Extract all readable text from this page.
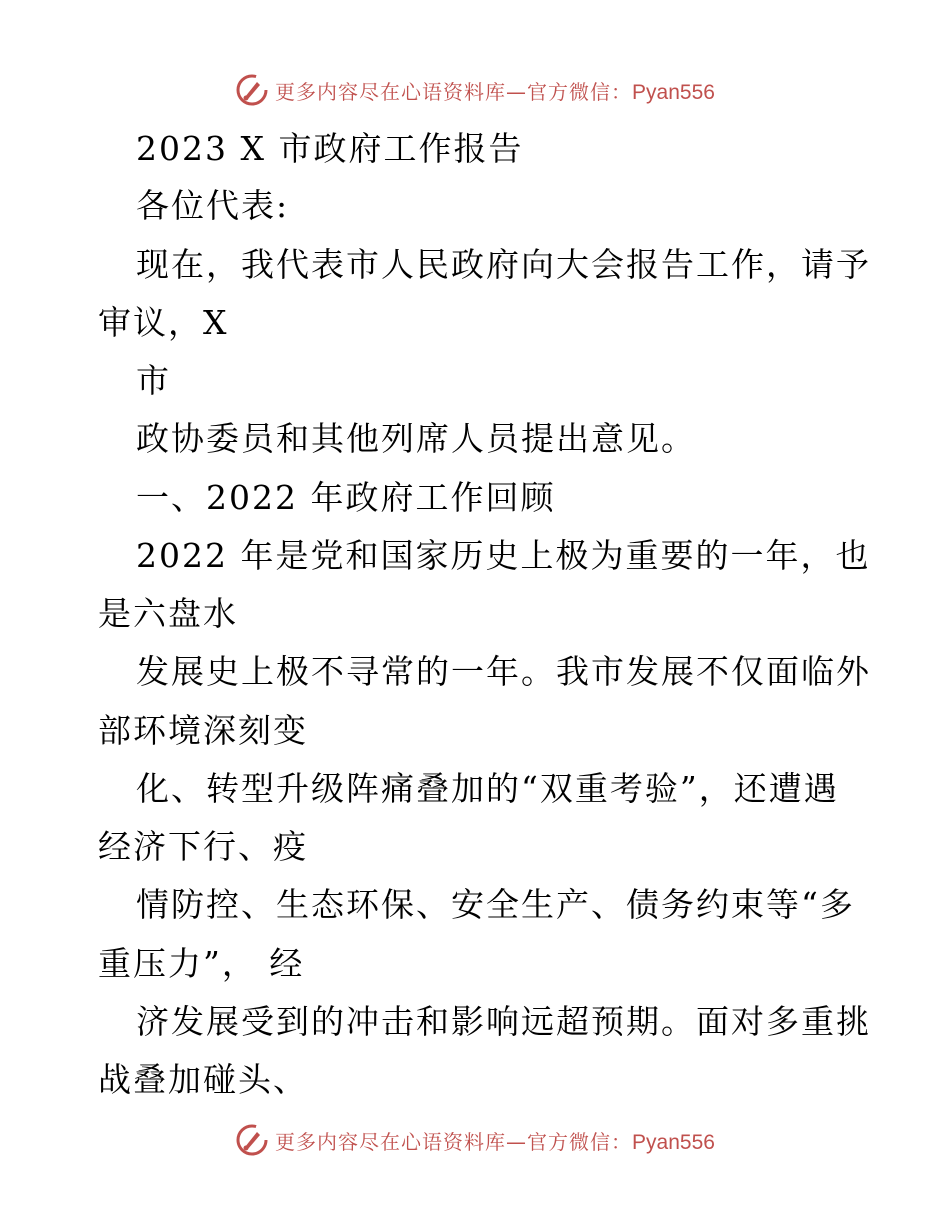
更多内容尽在心语资料库—官方微信：Pyan556
2023 X 市政府工作报告
各位代表:
现在，我代表市人民政府向大会报告工作，请予
审议，X
市
政协委员和其他列席人员提出意见。
一、2022 年政府工作回顾
2022 年是党和国家历史上极为重要的一年，也
是六盘水
发展史上极不寻常的一年。我市发展不仅面临外
部环境深刻变
化、转型升级阵痛叠加的“双重考验”，还遭遇
经济下行、疫
情防控、生态环保、安全生产、债务约束等“多
重压力”， 经
济发展受到的冲击和影响远超预期。面对多重挑
战叠加碰头、
更多内容尽在心语资料库—官方微信：Pyan556
